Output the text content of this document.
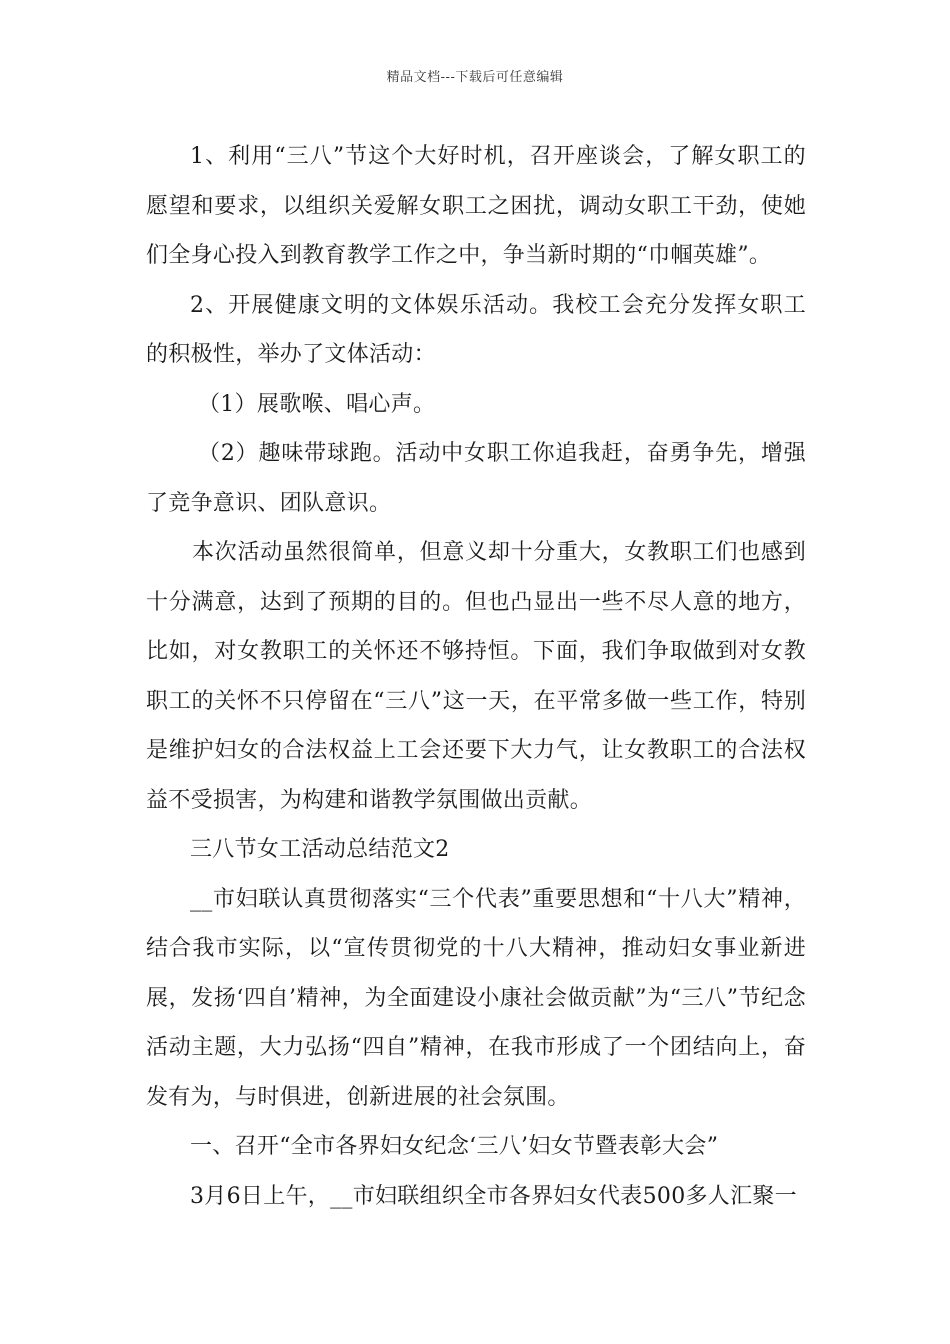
精品文档---下载后可任意编辑

1、利用“三八”节这个大好时机，召开座谈会，了解女职工的愿望和要求，以组织关爱解女职工之困扰，调动女职工干劲，使她们全身心投入到教育教学工作之中，争当新时期的“巾帼英雄”。

2、开展健康文明的文体娱乐活动。我校工会充分发挥女职工的积极性，举办了文体活动：

（1）展歌喉、唱心声。

（2）趣味带球跑。活动中女职工你追我赶，奋勇争先，增强了竞争意识、团队意识。

本次活动虽然很简单，但意义却十分重大，女教职工们也感到十分满意，达到了预期的目的。但也凸显出一些不尽人意的地方，比如，对女教职工的关怀还不够持恒。下面，我们争取做到对女教职工的关怀不只停留在“三八”这一天，在平常多做一些工作，特别是维护妇女的合法权益上工会还要下大力气，让女教职工的合法权益不受损害，为构建和谐教学氛围做出贡献。

三八节女工活动总结范文2

__市妇联认真贯彻落实“三个代表”重要思想和“十八大”精神，结合我市实际，以“宣传贯彻党的十八大精神，推动妇女事业新进展，发扬‘四自’精神，为全面建设小康社会做贡献”为“三八”节纪念活动主题，大力弘扬“四自”精神，在我市形成了一个团结向上，奋发有为，与时俱进，创新进展的社会氛围。

一、召开“全市各界妇女纪念‘三八’妇女节暨表彰大会”

3月6日上午，__市妇联组织全市各界妇女代表500多人汇聚一
